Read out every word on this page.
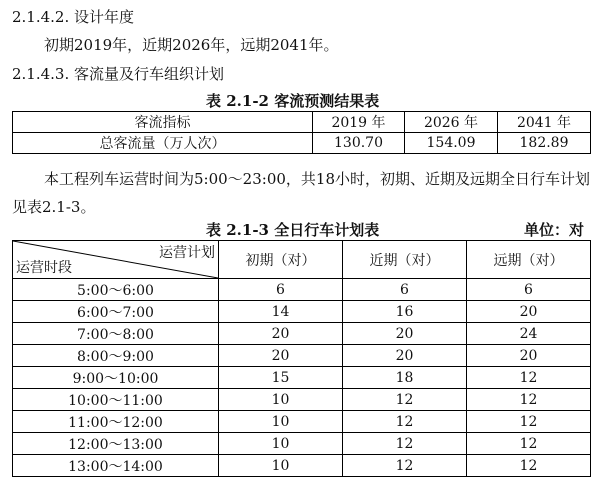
2.1.4.2. 设计年度
初期2019年，近期2026年，远期2041年。
2.1.4.3. 客流量及行车组织计划
表 2.1-2 客流预测结果表
客流指标	2019 年	2026 年	2041 年
总客流量（万人次）	130.70	154.09	182.89
本工程列车运营时间为5:00～23:00，共18小时，初期、近期及远期全日行车计划
见表2.1-3。
表 2.1-3 全日行车计划表	单位：对
运营计划
运营时段	初期（对）	近期（对）	远期（对）
5:00～6:00	6	6	6
6:00～7:00	14	16	20
7:00～8:00	20	20	24
8:00～9:00	20	20	20
9:00～10:00	15	18	12
10:00～11:00	10	12	12
11:00～12:00	10	12	12
12:00～13:00	10	12	12
13:00～14:00	10	12	12
